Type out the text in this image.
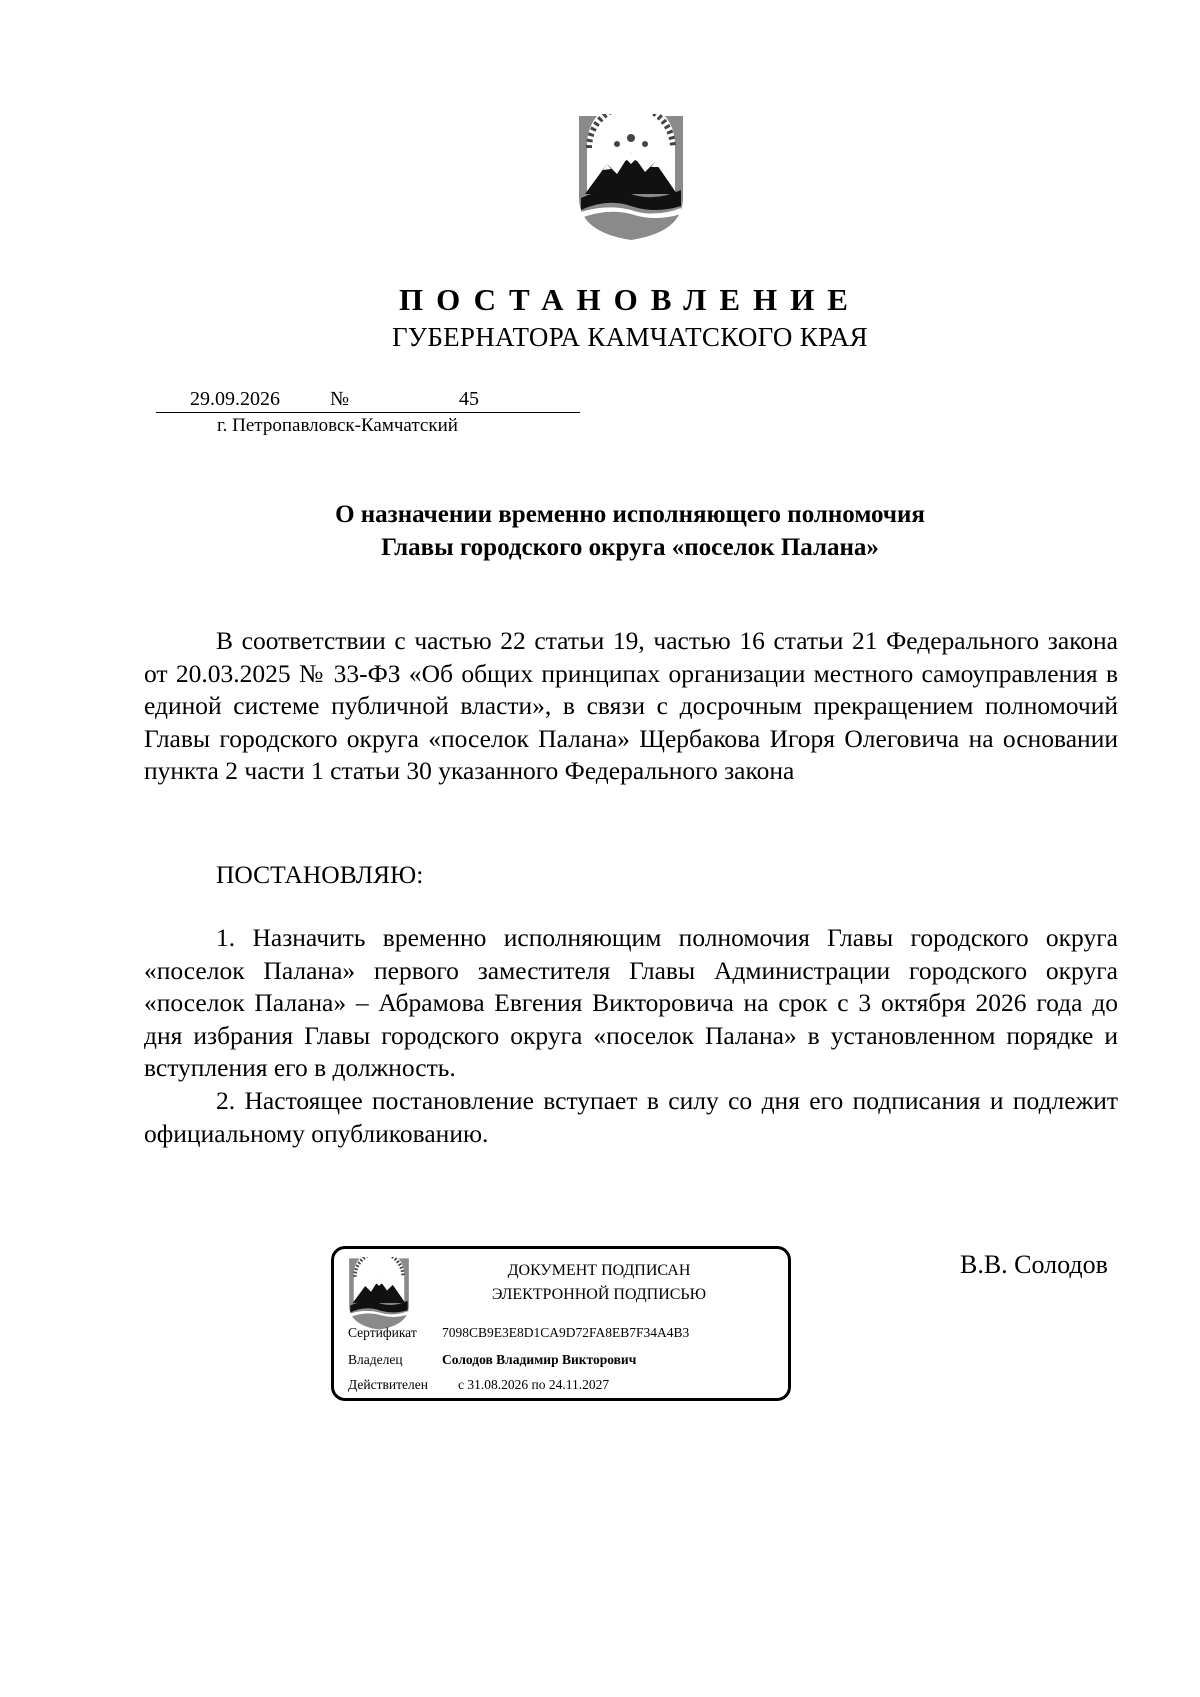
ПОСТАНОВЛЕНИЕ
ГУБЕРНАТОРА КАМЧАТСКОГО КРАЯ
29.09.2026	№	45
г. Петропавловск-Камчатский
О назначении временно исполняющего полномочия
Главы городского округа «поселок Палана»

В соответствии с частью 22 статьи 19, частью 16 статьи 21 Федерального закона от 20.03.2025 № 33-ФЗ «Об общих принципах организации местного самоуправления в единой системе публичной власти», в связи с досрочным прекращением полномочий Главы городского округа «поселок Палана» Щербакова Игоря Олеговича на основании пункта 2 части 1 статьи 30 указанного Федерального закона

ПОСТАНОВЛЯЮ:

1. Назначить временно исполняющим полномочия Главы городского округа «поселок Палана» первого заместителя Главы Администрации городского округа «поселок Палана» – Абрамова Евгения Викторовича на срок с 3 октября 2026 года до дня избрания Главы городского округа «поселок Палана» в установленном порядке и вступления его в должность.

2. Настоящее постановление вступает в силу со дня его подписания и подлежит официальному опубликованию.

ДОКУМЕНТ ПОДПИСАН
ЭЛЕКТРОННОЙ ПОДПИСЬЮ
Сертификат 7098CB9E3E8D1CA9D72FA8EB7F34A4B3
Владелец	Солодов Владимир Викторович
Действителен с 31.08.2026 по 24.11.2027
В.В. Солодов
